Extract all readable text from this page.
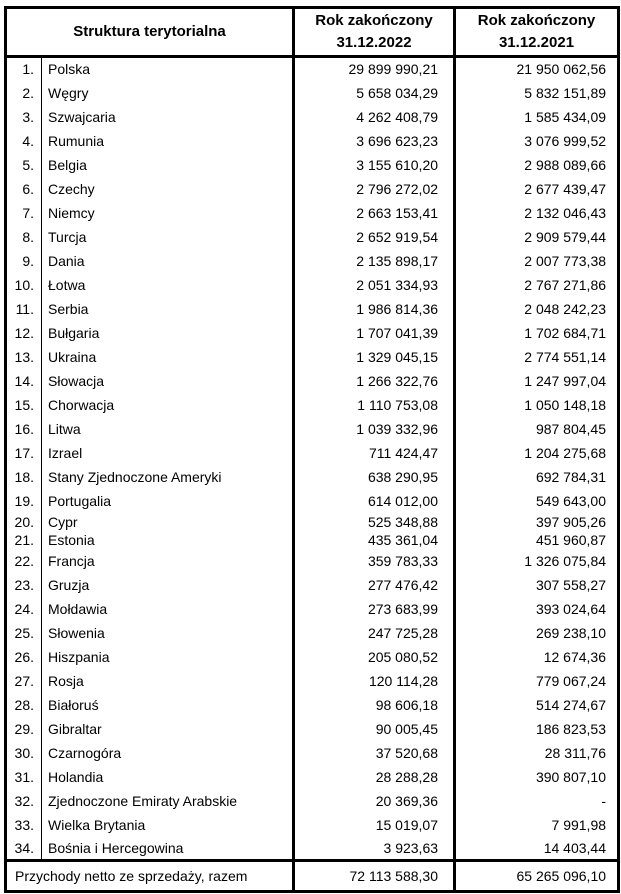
Struktura terytorialna	
Rok zakończony
31.12.2022

Rok zakończony
31.12.2021

1.	Polska	29 899 990,21	21 950 062,56
2.	Węgry	5 658 034,29	5 832 151,89
3.	Szwajcaria	4 262 408,79	1 585 434,09
4.	Rumunia	3 696 623,23	3 076 999,52
5.	Belgia	3 155 610,20	2 988 089,66
6.	Czechy	2 796 272,02	2 677 439,47
7.	Niemcy	2 663 153,41	2 132 046,43
8.	Turcja	2 652 919,54	2 909 579,44
9.	Dania	2 135 898,17	2 007 773,38
10.	Łotwa	2 051 334,93	2 767 271,86
11.	Serbia	1 986 814,36	2 048 242,23
12.	Bułgaria	1 707 041,39	1 702 684,71
13.	Ukraina	1 329 045,15	2 774 551,14
14.	Słowacja	1 266 322,76	1 247 997,04
15.	Chorwacja	1 110 753,08	1 050 148,18
16.	Litwa	1 039 332,96	987 804,45
17.	Izrael	711 424,47	1 204 275,68
18.	Stany Zjednoczone Ameryki	638 290,95	692 784,31
19.	Portugalia	614 012,00	549 643,00
20.	Cypr	525 348,88	397 905,26
21.	Estonia	435 361,04	451 960,87
22.	Francja	359 783,33	1 326 075,84
23.	Gruzja	277 476,42	307 558,27
24.	Mołdawia	273 683,99	393 024,64
25.	Słowenia	247 725,28	269 238,10
26.	Hiszpania	205 080,52	12 674,36
27.	Rosja	120 114,28	779 067,24
28.	Białoruś	98 606,18	514 274,67
29.	Gibraltar	90 005,45	186 823,53
30.	Czarnogóra	37 520,68	28 311,76
31.	Holandia	28 288,28	390 807,10
32.	Zjednoczone Emiraty Arabskie	20 369,36	-
33.	Wielka Brytania	15 019,07	7 991,98
34.	Bośnia i Hercegowina	3 923,63	14 403,44
Przychody netto ze sprzedaży, razem		72 113 588,30	65 265 096,10
